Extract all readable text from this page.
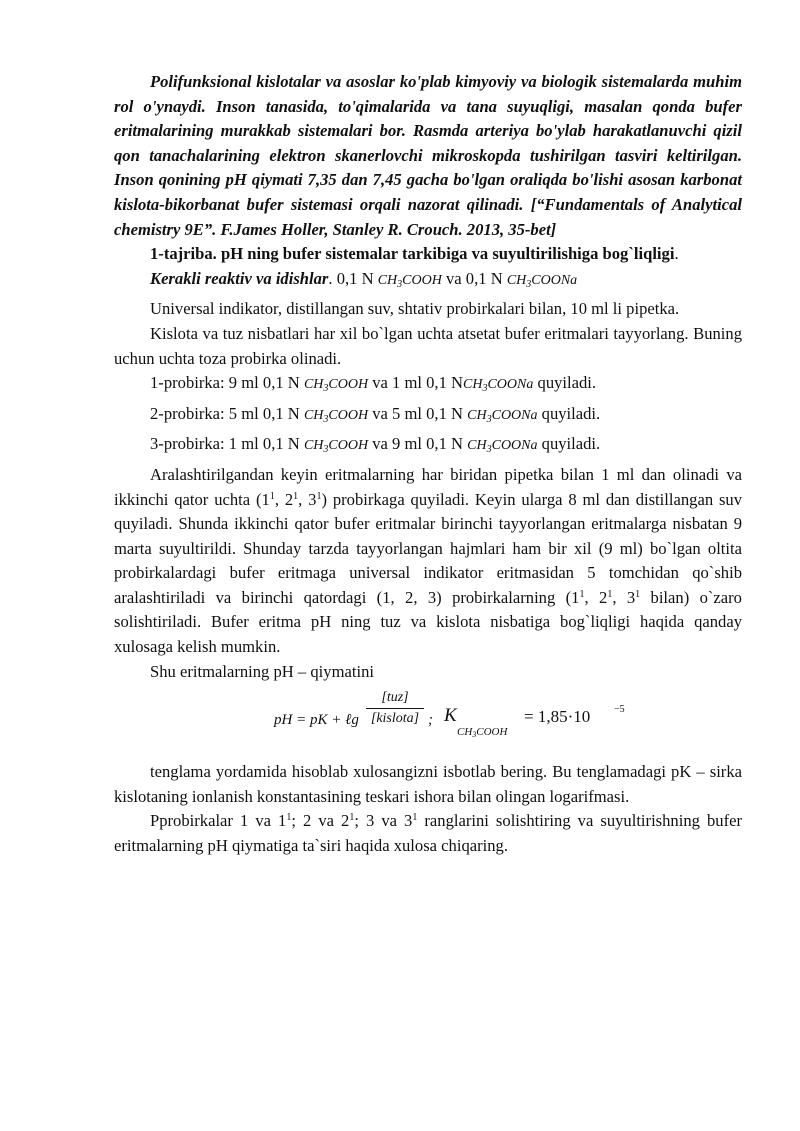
Polifunksional kislotalar va asoslar ko'plab kimyoviy va biologik sistemalarda muhim rol o'ynaydi. Inson tanasida, to'qimalarida va tana suyuqligi, masalan qonda bufer eritmalarining murakkab sistemalari bor. Rasmda arteriya bo'ylab harakatlanuvchi qizil qon tanachalarining elektron skanerlovchi mikroskopda tushirilgan tasviri keltirilgan. Inson qonining pH qiymati 7,35 dan 7,45 gacha bo'lgan oraliqda bo'lishi asosan karbonat kislota-bikorbanat bufer sistemasi orqali nazorat qilinadi. [“Fundamentals of Analytical chemistry 9E”. F.James Holler, Stanley R. Crouch. 2013, 35-bet]

1-tajriba. pH ning bufer sistemalar tarkibiga va suyultirilishiga bog`liqligi.

Kerakli reaktiv va idishlar. 0,1 N $CH_3COOH$ va 0,1 N $CH_3COONa$

Universal indikator, distillangan suv, shtativ probirkalari bilan, 10 ml li pipetka.

Kislota va tuz nisbatlari har xil bo`lgan uchta atsetat bufer eritmalari tayyorlang. Buning uchun uchta toza probirka olinadi.

1-probirka: 9 ml 0,1 N $CH_3COOH$ va 1 ml 0,1 $NCH_3COONa$ quyiladi.

2-probirka: 5 ml 0,1 N $CH_3COOH$ va 5 ml 0,1 N $CH_3COONa$ quyiladi.

3-probirka: 1 ml 0,1 N $CH_3COOH$ va 9 ml 0,1 N $CH_3COONa$ quyiladi.

Aralashtirilgandan keyin eritmalarning har biridan pipetka bilan 1 ml dan olinadi va ikkinchi qator uchta ($1^1$, $2^1$, $3^1$) probirkaga quyiladi. Keyin ularga 8 ml dan distillangan suv quyiladi. Shunda ikkinchi qator bufer eritmalar birinchi tayyorlangan eritmalarga nisbatan 9 marta suyultirildi. Shunday tarzda tayyorlangan hajmlari ham bir xil (9 ml) bo`lgan oltita probirkalardagi bufer eritmaga universal indikator eritmasidan 5 tomchidan qo`shib aralashtiriladi va birinchi qatordagi (1, 2, 3) probirkalarning ($1^1$, $2^1$, $3^1$ bilan) o`zaro solishtiriladi. Bufer eritma pH ning tuz va kislota nisbatiga bog`liqligi haqida qanday xulosaga kelish mumkin.

Shu eritmalarning pH – qiymatini

pH = pK + ℓg
[tuz]
[kislota] ; K
$CH_3COOH$
= 1,85·10 −5

tenglama yordamida hisoblab xulosangizni isbotlab bering. Bu tenglamadagi pK – sirka kislotaning ionlanish konstantasining teskari ishora bilan olingan logarifmasi.

Pprobirkalar 1 va $1^1$; 2 va $2^1$; 3 va $3^1$ ranglarini solishtiring va suyultirishning bufer eritmalarning pH qiymatiga ta`siri haqida xulosa chiqaring.
